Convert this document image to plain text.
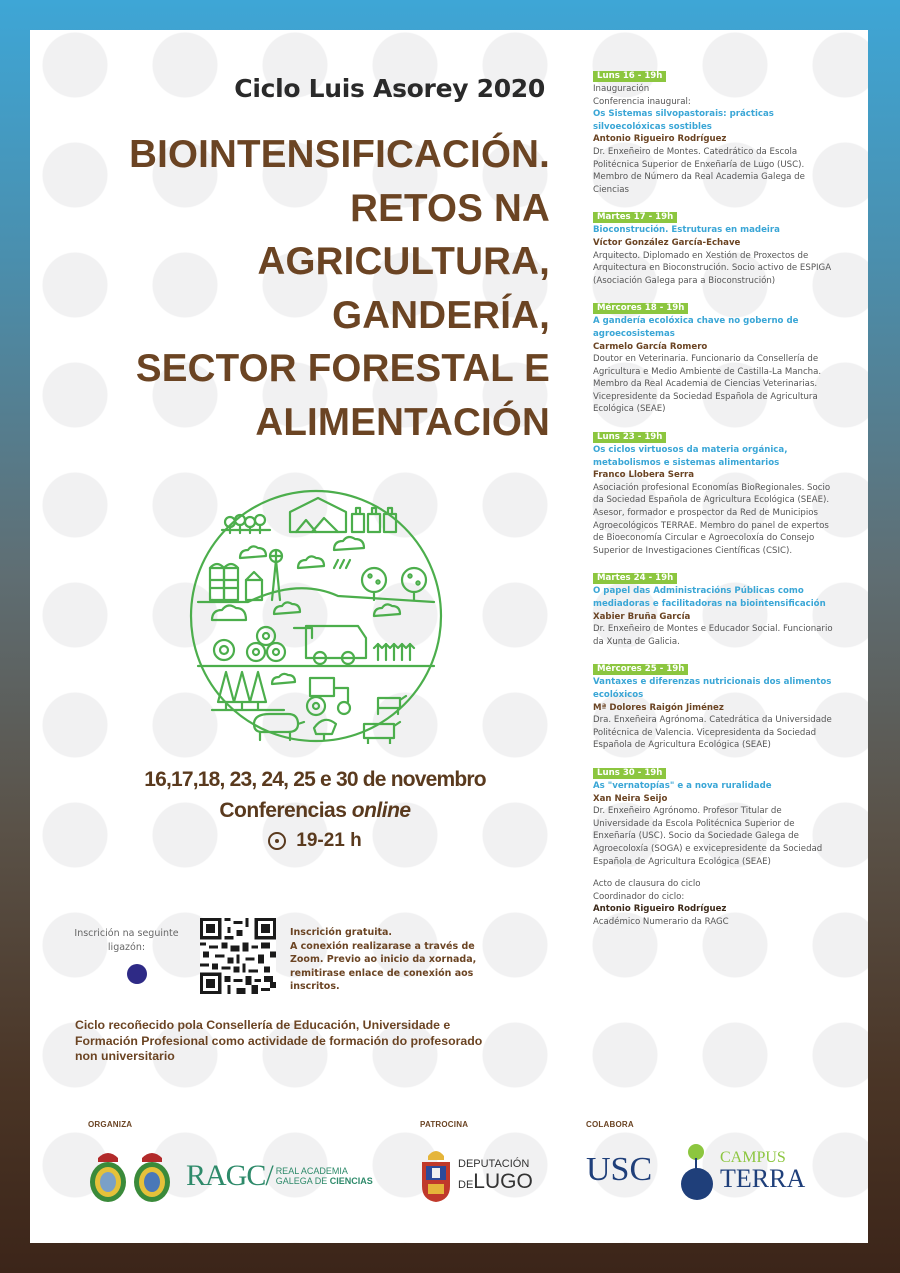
Ciclo Luis Asorey 2020
BIOINTENSIFICACIÓN.
RETOS NA
AGRICULTURA,
GANDERÍA,
SECTOR FORESTAL E
ALIMENTACIÓN
16,17,18, 23, 24, 25 e 30 de novembro
Conferencias online
19-21 h
Inscrición na seguinte ligazón:
Inscrición gratuita.
A conexión realizarase a través de
Zoom. Previo ao inicio da xornada,
remitirase enlace de conexión aos
inscritos.
Ciclo recoñecido pola Consellería de Educación, Universidade e Formación Profesional como actividade de formación do profesorado non universitario
ORGANIZA	PATROCINA	COLABORA
RAGC/ REAL ACADEMIA
GALEGA DE CIENCIAS
DEPUTACIÓN
DELUGO USC	CAMPUS
TERRA
Luns 16 - 19h
Inauguración
Conferencia inaugural:
Os Sistemas silvopastorais: prácticas silvoecolóxicas sostibles
Antonio Rigueiro Rodríguez
Dr. Enxeñeiro de Montes. Catedrático da Escola Politécnica Superior de Enxeñaría de Lugo (USC).
Membro de Número da Real Academia Galega de Ciencias
Martes 17 - 19h
Bioconstrución. Estruturas en madeira
Víctor González García-Echave
Arquitecto. Diplomado en Xestión de Proxectos de Arquitectura en Bioconstrución. Socio activo de ESPIGA (Asociación Galega para a Bioconstrución)
Mércores 18 - 19h
A gandería ecolóxica chave no goberno de agroecosistemas
Carmelo García Romero
Doutor en Veterinaria. Funcionario da Consellería de Agricultura e Medio Ambiente de Castilla-La Mancha. Membro da Real Academia de Ciencias Veterinarias. Vicepresidente da Sociedad Española de Agricultura Ecológica (SEAE)
Luns 23 - 19h
Os ciclos virtuosos da materia orgánica, metabolismos e sistemas alimentarios
Franco Llobera Serra
Asociación profesional Economías BioRegionales. Socio da Sociedad Española de Agricultura Ecológica (SEAE). Asesor, formador e prospector da Red de Municipios Agroecológicos TERRAE. Membro do panel de expertos de Bioeconomía Circular e Agroecoloxía do Consejo Superior de Investigaciones Científicas (CSIC).
Martes 24 - 19h
O papel das Administracións Públicas como mediadoras e facilitadoras na biointensificación
Xabier Bruña García
Dr. Enxeñeiro de Montes e Educador Social. Funcionario da Xunta de Galicia.
Mércores 25 - 19h
Vantaxes e diferenzas nutricionais dos alimentos ecolóxicos
Mª Dolores Raigón Jiménez
Dra. Enxeñeira Agrónoma. Catedrática da Universidade Politécnica de Valencia. Vicepresidenta da Sociedad Española de Agricultura Ecológica (SEAE)
Luns 30 - 19h
As "vernatopías" e a nova ruralidade
Xan Neira Seijo
Dr. Enxeñeiro Agrónomo. Profesor Titular de Universidade da Escola Politécnica Superior de Enxeñaría (USC). Socio da Sociedade Galega de Agroecoloxía (SOGA) e exvicepresidente da Sociedad Española de Agricultura Ecológica (SEAE)
Acto de clausura do ciclo
Coordinador do ciclo:
Antonio Rigueiro Rodríguez
Académico Numerario da RAGC
